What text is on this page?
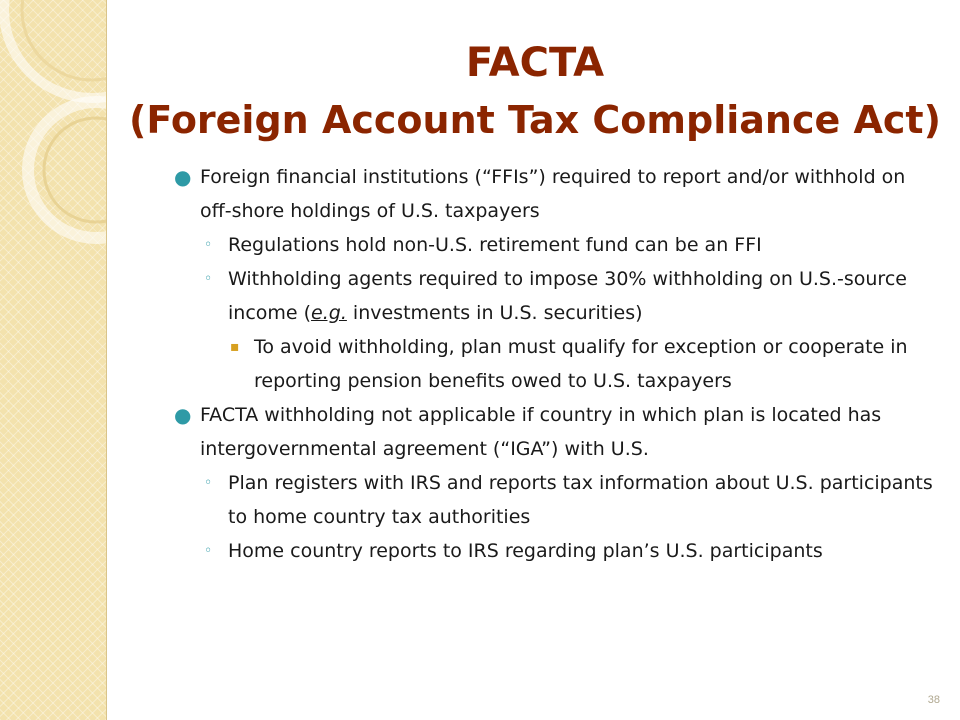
FACTA
(Foreign Account Tax Compliance Act)
● Foreign financial institutions (“FFIs”) required to report and/or withhold on off-shore holdings of U.S. taxpayers
◦ Regulations hold non-U.S. retirement fund can be an FFI
◦ Withholding agents required to impose 30% withholding on U.S.-source income (e.g. investments in U.S. securities)
▪ To avoid withholding, plan must qualify for exception or cooperate in reporting pension benefits owed to U.S. taxpayers
● FACTA withholding not applicable if country in which plan is located has intergovernmental agreement (“IGA”) with U.S.
◦ Plan registers with IRS and reports tax information about U.S. participants to home country tax authorities
◦ Home country reports to IRS regarding plan’s U.S. participants
38
